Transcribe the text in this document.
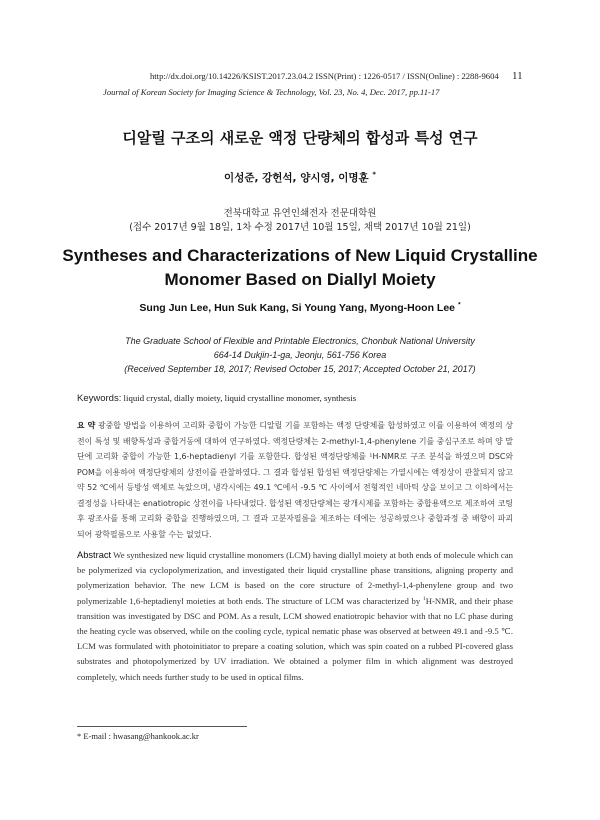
http://dx.doi.org/10.14226/KSIST.2017.23.04.2 ISSN(Print) : 1226-0517 / ISSN(Online) : 2288-9604
Journal of Korean Society for Imaging Science & Technology, Vol. 23, No. 4, Dec. 2017, pp.11-17
11
디알릴 구조의 새로운 액정 단량체의 합성과 특성 연구
이성준, 강헌석, 양시영, 이명훈 *
전북대학교 유연인쇄전자 전문대학원
(접수 2017년 9월 18일, 1차 수정 2017년 10월 15일, 채택 2017년 10월 21일)
Syntheses and Characterizations of New Liquid Crystalline
Monomer Based on Diallyl Moiety
Sung Jun Lee, Hun Suk Kang, Si Young Yang, Myong-Hoon Lee *
The Graduate School of Flexible and Printable Electronics, Chonbuk National University
664-14 Dukjin-1-ga, Jeonju, 561-756 Korea
(Received September 18, 2017; Revised October 15, 2017; Accepted October 21, 2017)
Keywords: liquid crystal, dially moiety, liquid crystalline monomer, synthesis
요 약 광중합 방법을 이용하여 고리화 중합이 가능한 디알릴 기를 포함하는 액정 단량체를 합성하였고 이를 이용하여 액정의 상전이 특성 및 배향특성과 중합거동에 대하여 연구하였다. 액정단량체는 2-methyl-1,4-phenylene 기를 중심구조로 하며 양 말단에 고리화 중합이 가능한 1,6-heptadienyl 기를 포함한다. 합성된 액정단량체를 ¹H-NMR로 구조 분석을 하였으며 DSC와 POM을 이용하여 액정단량체의 상전이를 관찰하였다. 그 결과 합성된 합성된 액정단량체는 가열시에는 액정상이 관찰되지 않고 약 52 ℃에서 등방성 액체로 녹았으며, 냉각시에는 49.1 ℃에서 -9.5 ℃ 사이에서 전형적인 네마틱 상을 보이고 그 이하에서는 결정성을 나타내는 enatiotropic 상전이를 나타내었다. 합성된 액정단량체는 광개시제를 포함하는 중합용액으로 제조하여 코팅 후 광조사를 통해 고리화 중합을 진행하였으며, 그 결과 고분자필름을 제조하는 데에는 성공하였으나 중합과정 중 배향이 파괴되어 광학필름으로 사용할 수는 없었다.
Abstract We synthesized new liquid crystalline monomers (LCM) having diallyl moiety at both ends of molecule which can be polymerized via cyclopolymerization, and investigated their liquid crystalline phase transitions, aligning property and polymerization behavior. The new LCM is based on the core structure of 2-methyl-1,4-phenylene group and two polymerizable 1,6-heptadienyl moieties at both ends. The structure of LCM was characterized by $^1$H-NMR, and their phase transition was investigated by DSC and POM. As a result, LCM showed enatiotropic behavior with that no LC phase during the heating cycle was observed, while on the cooling cycle, typical nematic phase was observed at between 49.1 and -9.5 ℃. LCM was formulated with photoinitiator to prepare a coating solution, which was spin coated on a rubbed PI-covered glass substrates and photopolymerized by UV irradiation. We obtained a polymer film in which alignment was destroyed completely, which needs further study to be used in optical films.
* E-mail : hwasang@hankook.ac.kr
